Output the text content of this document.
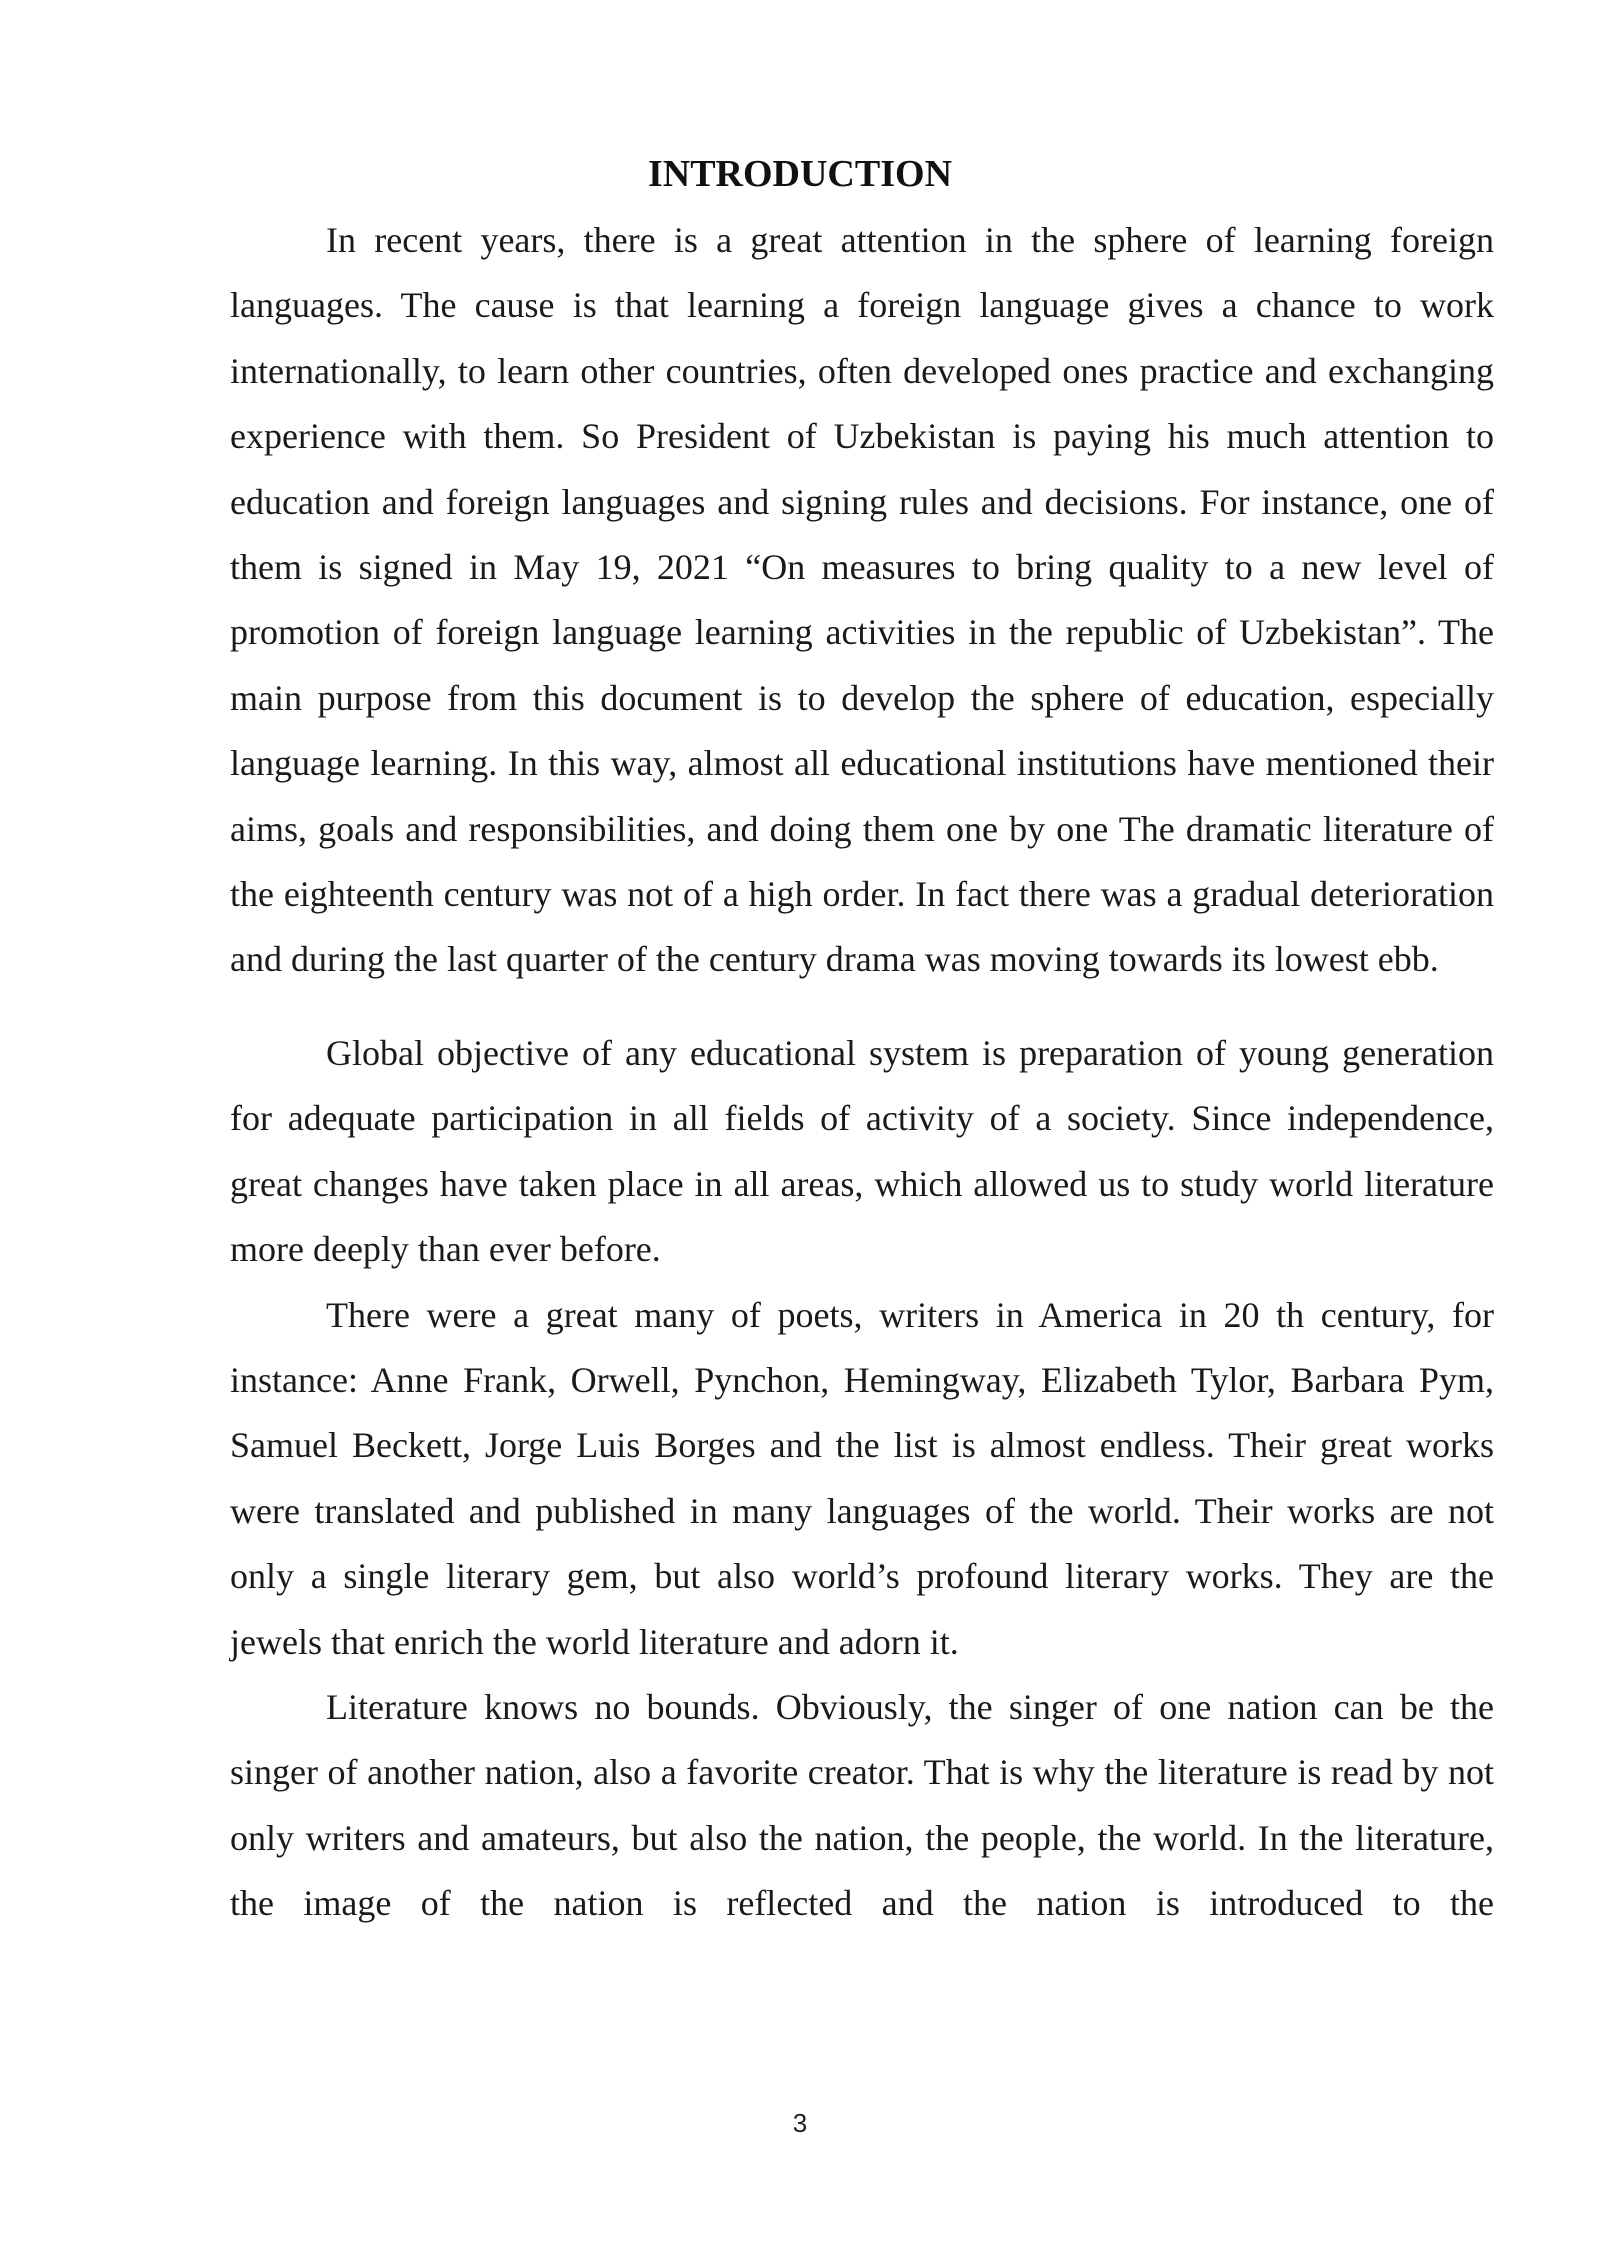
INTRODUCTION

In recent years, there is a great attention in the sphere of learning foreign languages. The cause is that learning a foreign language gives a chance to work internationally, to learn other countries, often developed ones practice and exchanging experience with them. So President of Uzbekistan is paying his much attention to education and foreign languages and signing rules and decisions. For instance, one of them is signed in May 19, 2021 “On measures to bring quality to a new level of promotion of foreign language learning activities in the republic of Uzbekistan”. The main purpose from this document is to develop the sphere of education, especially language learning. In this way, almost all educational institutions have mentioned their aims, goals and responsibilities, and doing them one by one The dramatic literature of the eighteenth century was not of a high order. In fact there was a gradual deterioration and during the last quarter of the century drama was moving towards its lowest ebb.

Global objective of any educational system is preparation of young generation for adequate participation in all fields of activity of a society. Since independence, great changes have taken place in all areas, which allowed us to study world literature more deeply than ever before.

There were a great many of poets, writers in America in 20 th century, for instance: Anne Frank, Orwell, Pynchon, Hemingway, Elizabeth Tylor, Barbara Pym, Samuel Beckett, Jorge Luis Borges and the list is almost endless. Their great works were translated and published in many languages of the world. Their works are not only a single literary gem, but also world’s profound literary works. They are the jewels that enrich the world literature and adorn it.

Literature knows no bounds. Obviously, the singer of one nation can be the singer of another nation, also a favorite creator. That is why the literature is read by not only writers and amateurs, but also the nation, the people, the world. In the literature, the image of the nation is reflected and the nation is introduced to the

3
